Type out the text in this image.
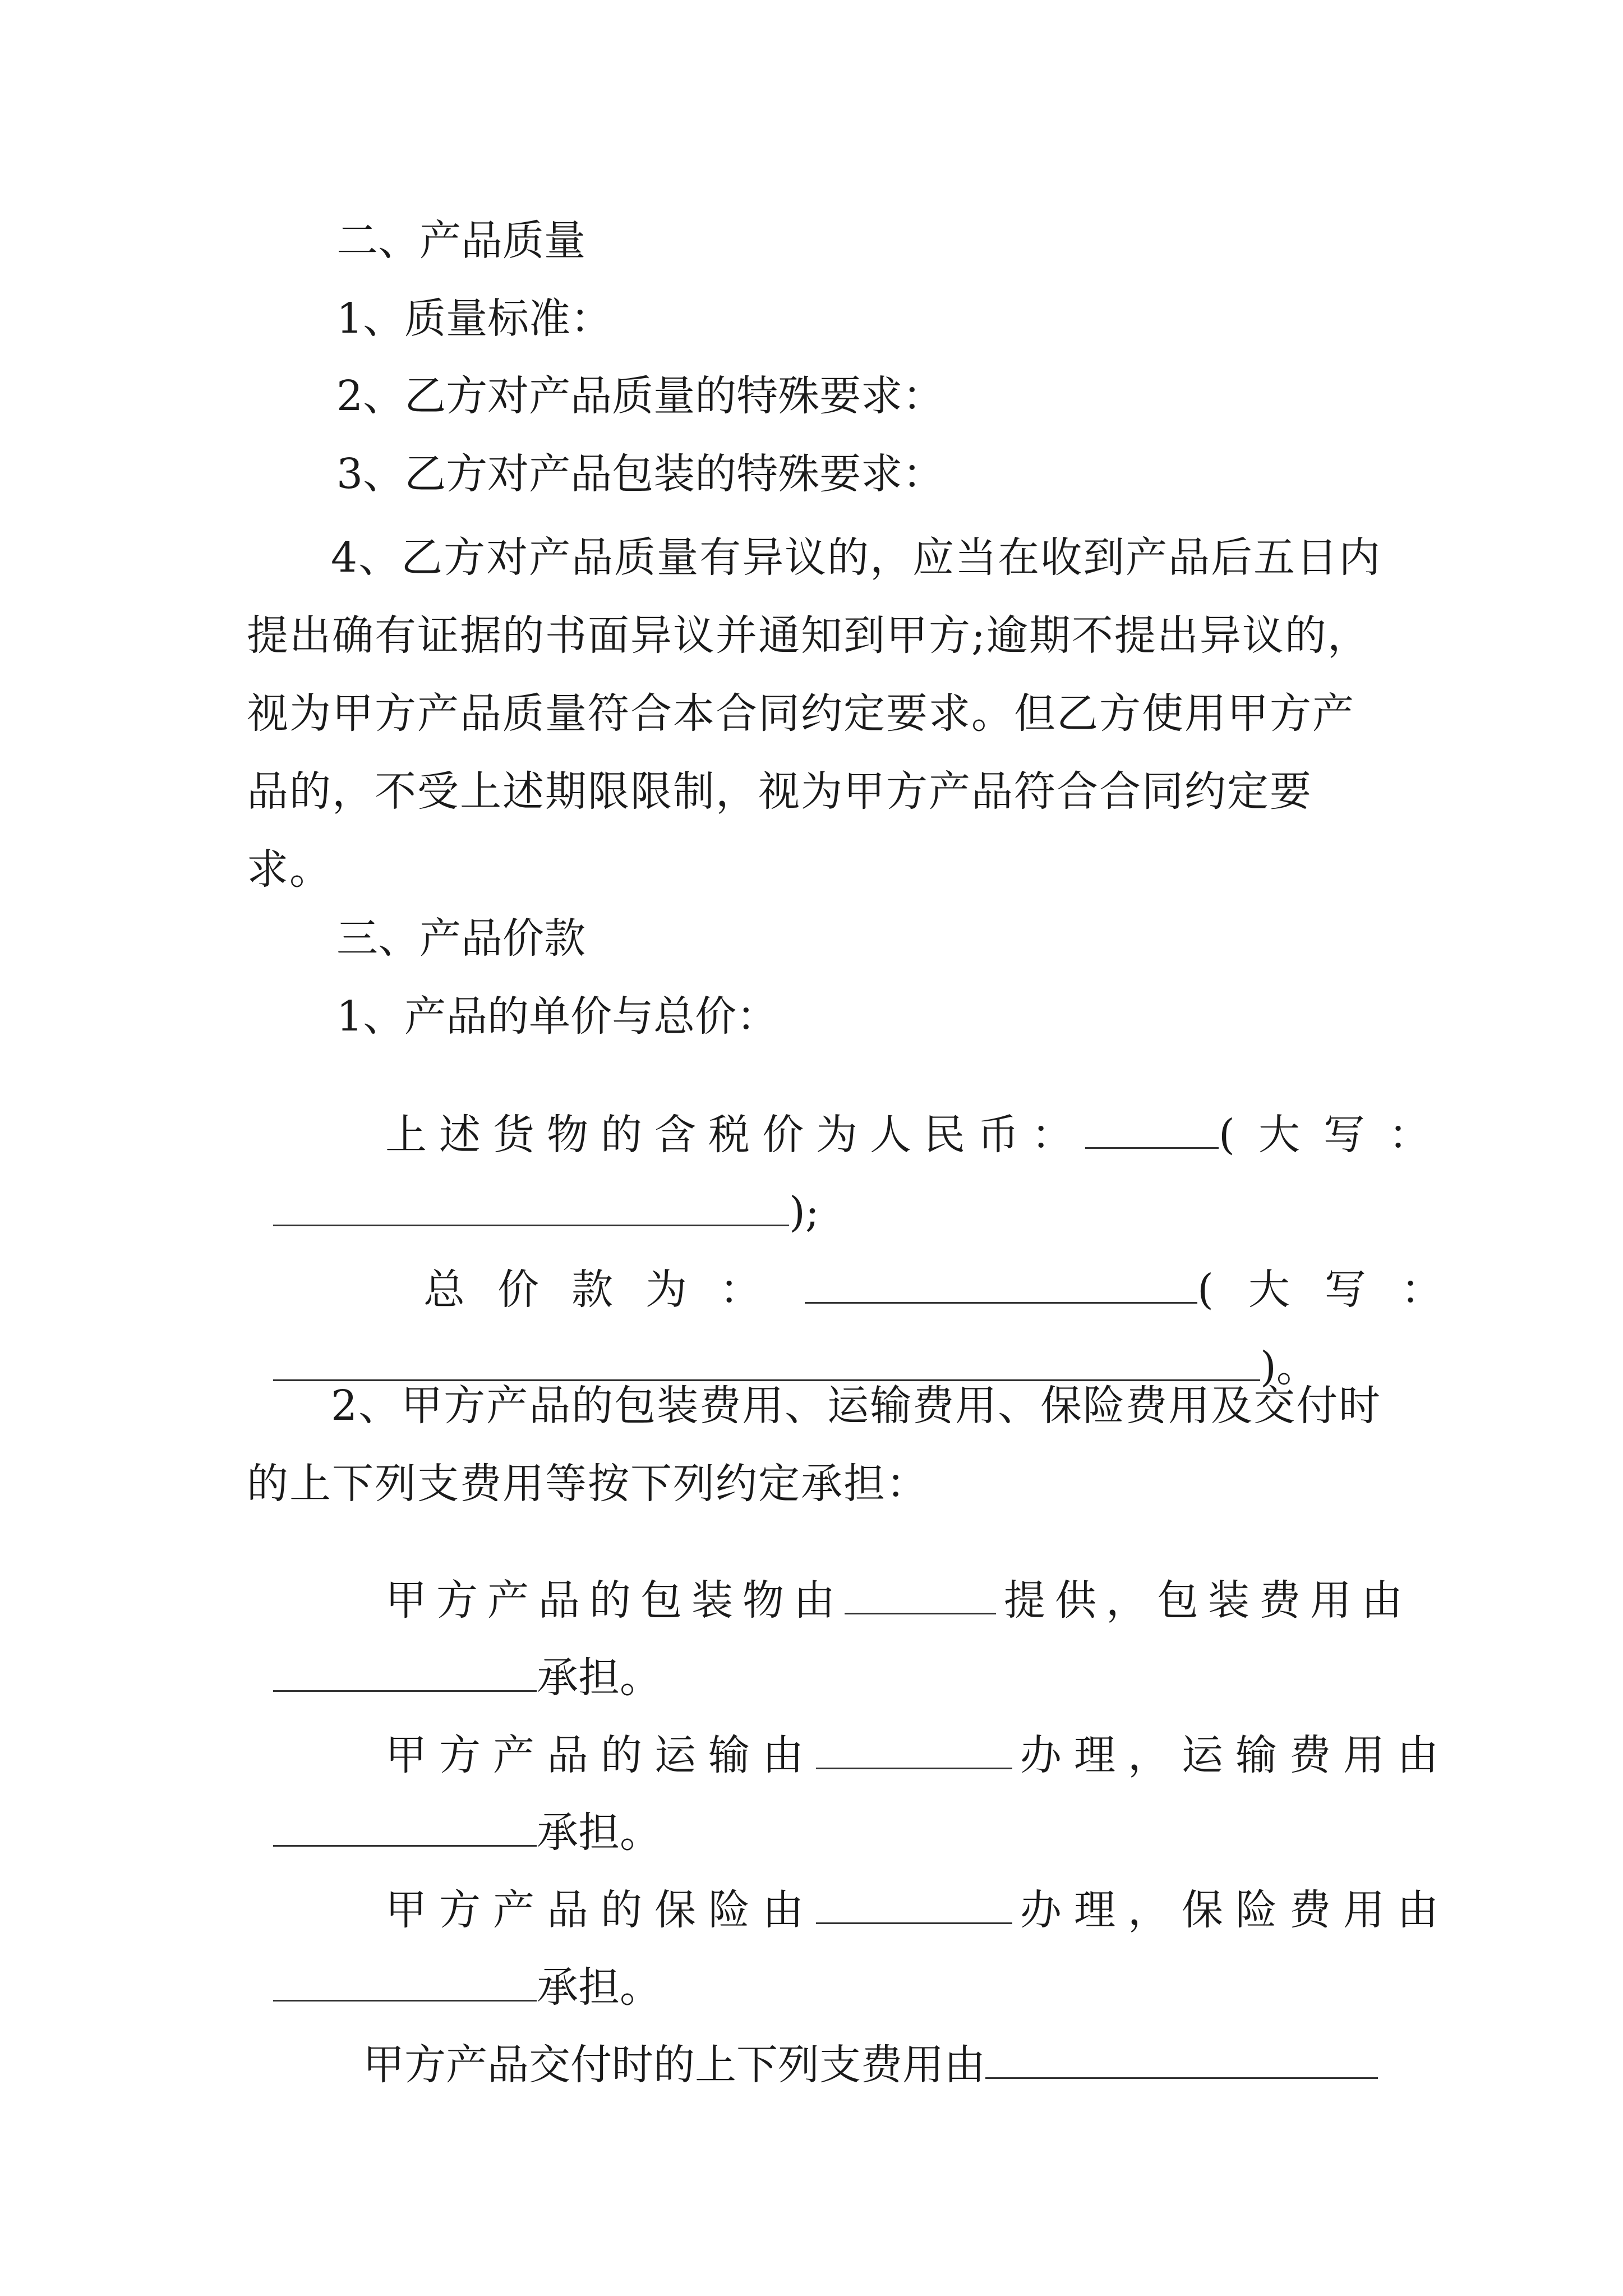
二、产品质量
1、质量标准：
2、乙方对产品质量的特殊要求：
3、乙方对产品包装的特殊要求：
4、乙方对产品质量有异议的，应当在收到产品后五日内提出确有证据的书面异议并通知到甲方;逾期不提出异议的，视为甲方产品质量符合本合同约定要求。但乙方使用甲方产品的，不受上述期限限制，视为甲方产品符合合同约定要求。
三、产品价款
1、产品的单价与总价：

上述货物的含税价为人民币：	(大写：

);

总价款为：	(大写：

)。

2、甲方产品的包装费用、运输费用、保险费用及交付时的上下列支费用等按下列约定承担：

甲方产品的包装物由	提供，包装费用由

承担。

甲方产品的运输由	办理，运输费用由

承担。

甲方产品的保险由	办理，保险费用由

承担。

甲方产品交付时的上下列支费用由
